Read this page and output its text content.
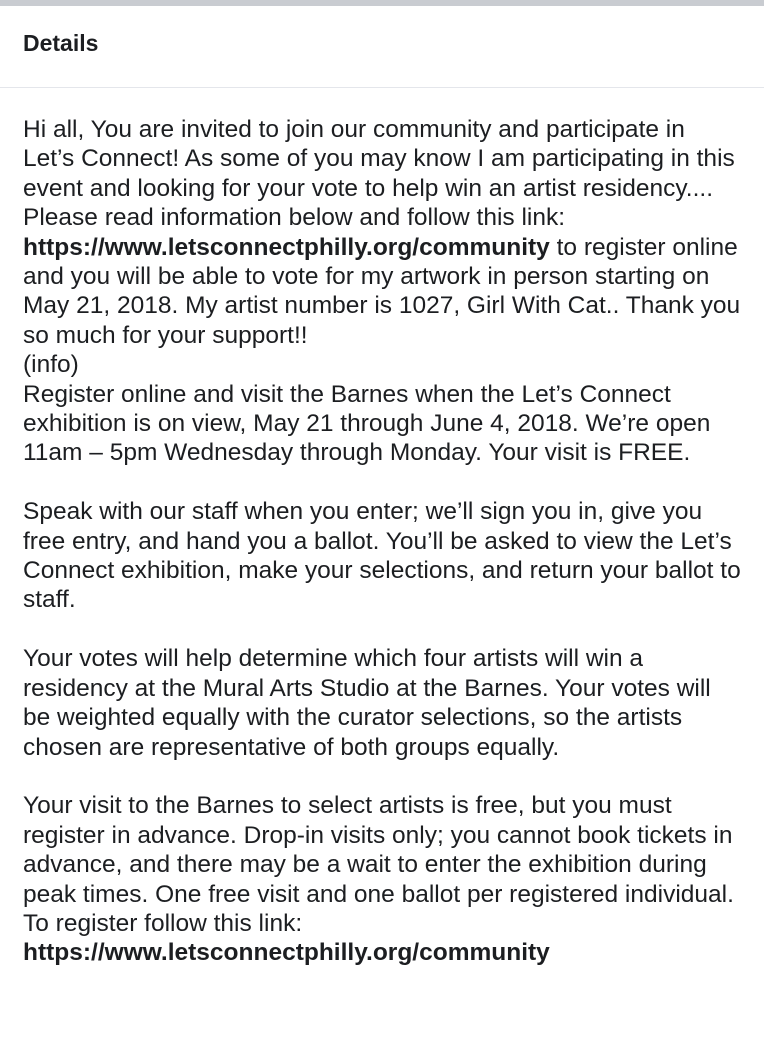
Details

Hi all, You are invited to join our community and participate in Let’s Connect! As some of you may know I am participating in this event and looking for your vote to help win an artist residency.... Please read information below and follow this link: https://www.letsconnectphilly.org/community to register online and you will be able to vote for my artwork in person starting on May 21, 2018. My artist number is 1027, Girl With Cat.. Thank you so much for your support!!
(info)
Register online and visit the Barnes when the Let’s Connect exhibition is on view, May 21 through June 4, 2018. We’re open 11am – 5pm Wednesday through Monday. Your visit is FREE.

Speak with our staff when you enter; we’ll sign you in, give you free entry, and hand you a ballot. You’ll be asked to view the Let’s Connect exhibition, make your selections, and return your ballot to staff.

Your votes will help determine which four artists will win a residency at the Mural Arts Studio at the Barnes. Your votes will be weighted equally with the curator selections, so the artists chosen are representative of both groups equally.

Your visit to the Barnes to select artists is free, but you must register in advance. Drop-in visits only; you cannot book tickets in advance, and there may be a wait to enter the exhibition during peak times. One free visit and one ballot per registered individual. To register follow this link: https://www.letsconnectphilly.org/community
